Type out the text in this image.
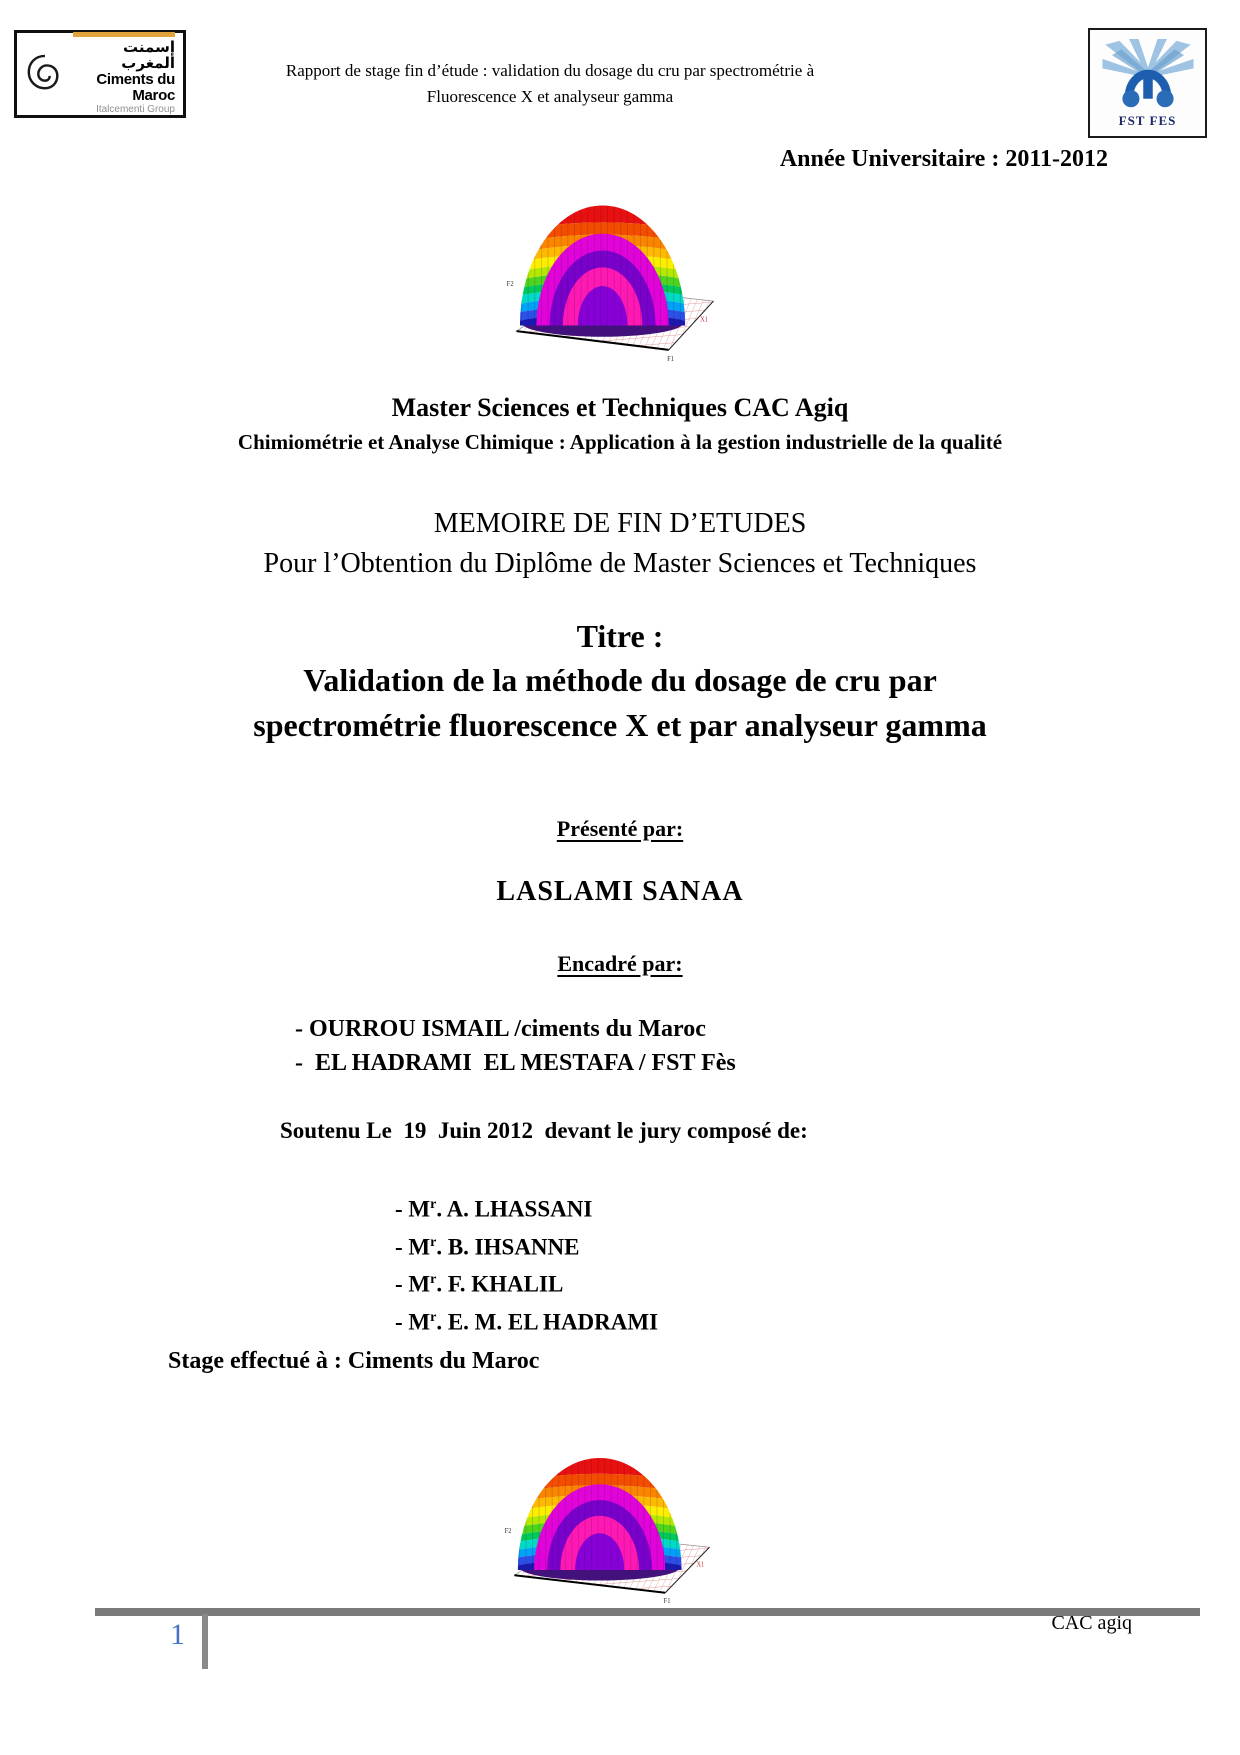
إسمنت المغرب
Ciments du Maroc
Italcementi Group
Rapport de stage fin d’étude : validation du dosage du cru par spectrométrie à
Fluorescence X et analyseur gamma
FST FES
Année Universitaire : 2011-2012
Master Sciences et Techniques CAC Agiq
Chimiométrie et Analyse Chimique : Application à la gestion industrielle de la qualité
MEMOIRE DE FIN D’ETUDES
Pour l’Obtention du Diplôme de Master Sciences et Techniques
Titre :
Validation de la méthode du dosage de cru par
spectrométrie fluorescence X et par analyseur gamma
Présenté par:
LASLAMI SANAA
Encadré par:
- OURROU ISMAIL /ciments du Maroc
-  EL HADRAMI  EL MESTAFA / FST Fès
Soutenu Le  19  Juin 2012  devant le jury composé de:
- $M^r$. A. LHASSANI
- $M^r$. B. IHSANNE
- $M^r$. F. KHALIL
- $M^r$. E. M. EL HADRAMI
Stage effectué à : Ciments du Maroc
1	CAC agiq
